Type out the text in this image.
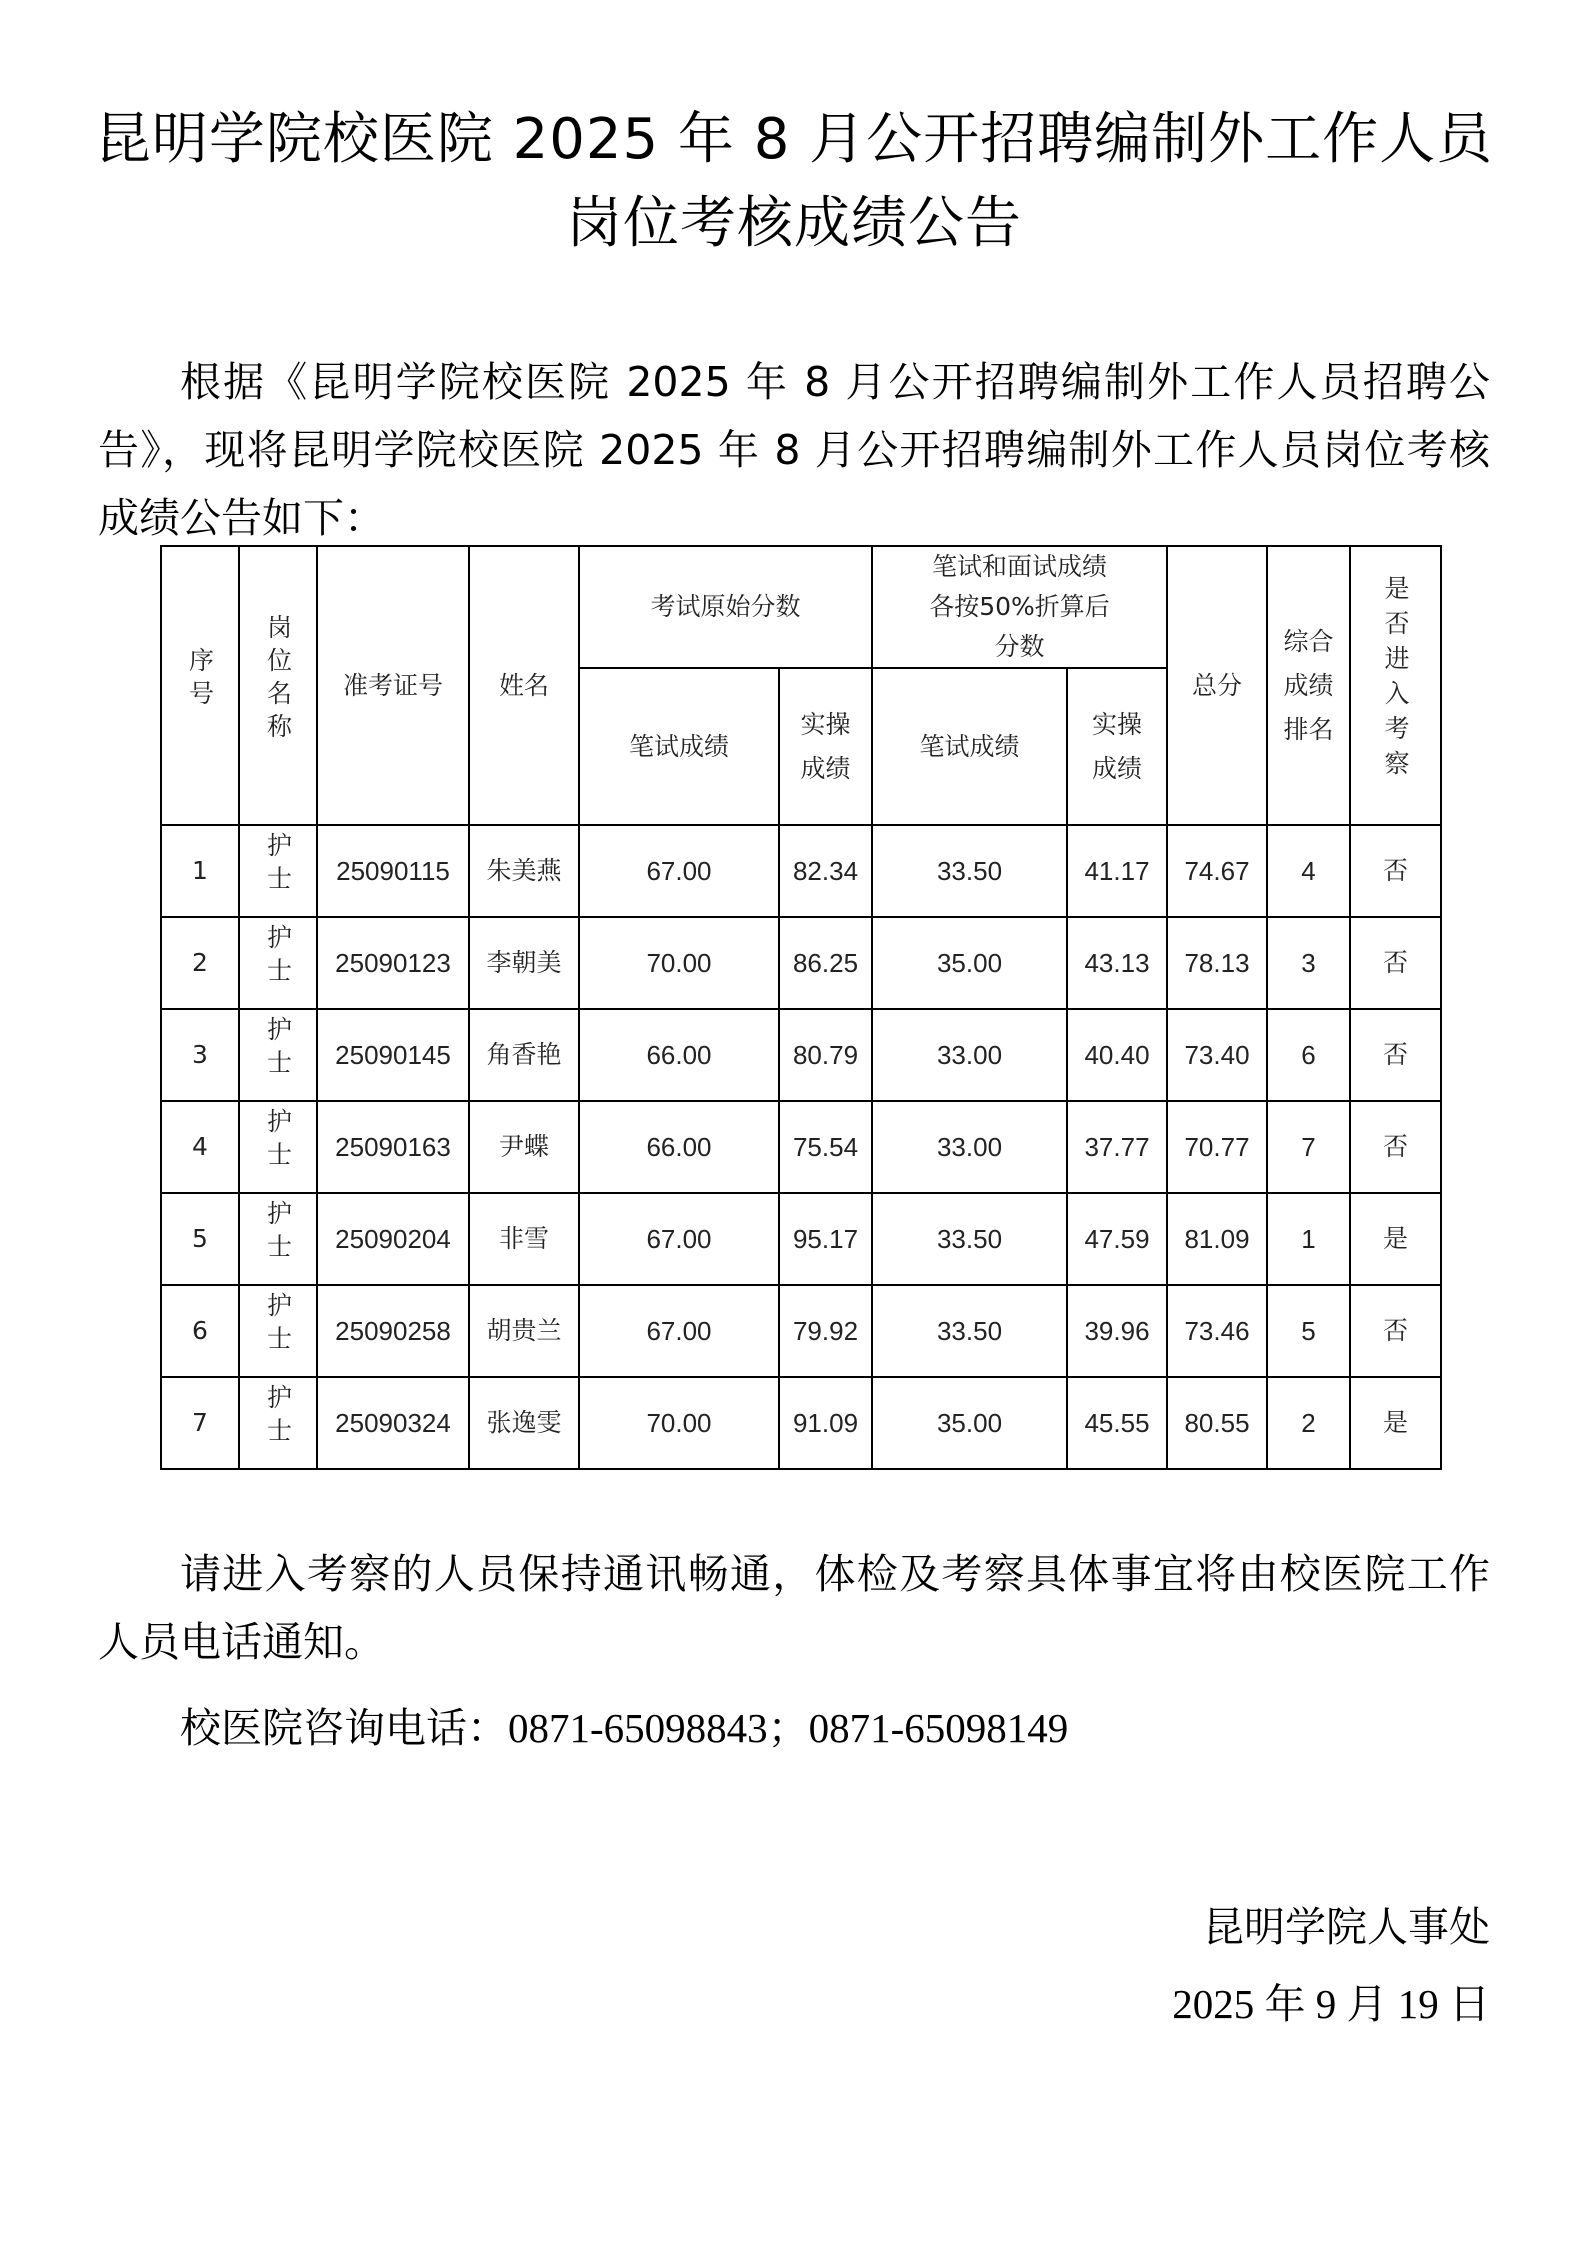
昆明学院校医院 2025 年 8 月公开招聘编制外工作人员
岗位考核成绩公告

根据《昆明学院校医院 2025 年 8 月公开招聘编制外工作人员招聘公告》，现将昆明学院校医院 2025 年 8 月公开招聘编制外工作人员岗位考核成绩公告如下：

序号	岗位名称	准考证号	姓名	考试原始分数		笔试和面试成绩各按50%折算后分数		总分	综合成绩排名	是否进入考察
				笔试成绩	实操成绩	笔试成绩	实操成绩			

1	护士	25090115	朱美燕	67.00	82.34	33.50	41.17	74.67	4	否
2	护士	25090123	李朝美	70.00	86.25	35.00	43.13	78.13	3	否
3	护士	25090145	角香艳	66.00	80.79	33.00	40.40	73.40	6	否
4	护士	25090163	尹蝶	66.00	75.54	33.00	37.77	70.77	7	否
5	护士	25090204	非雪	67.00	95.17	33.50	47.59	81.09	1	是
6	护士	25090258	胡贵兰	67.00	79.92	33.50	39.96	73.46	5	否
7	护士	25090324	张逸雯	70.00	91.09	35.00	45.55	80.55	2	是

请进入考察的人员保持通讯畅通，体检及考察具体事宜将由校医院工作人员电话通知。

校医院咨询电话：0871-65098843；0871-65098149

昆明学院人事处
2025 年 9 月 19 日
